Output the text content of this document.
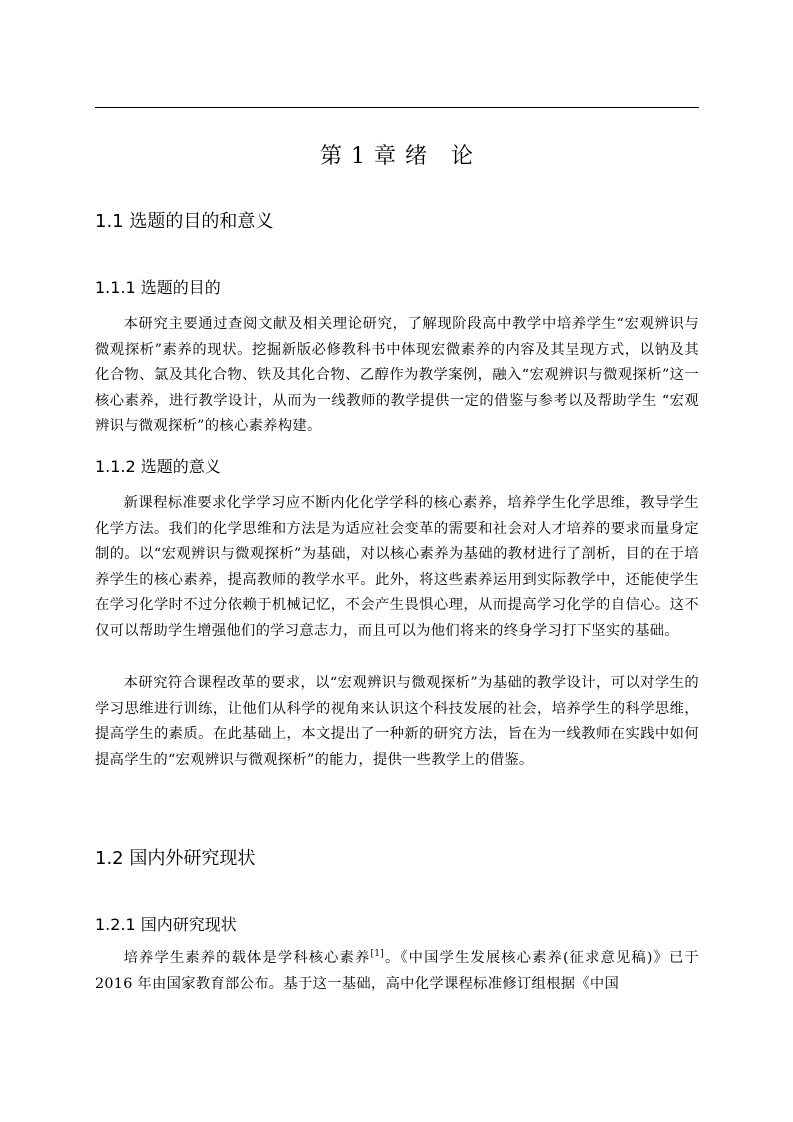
第 1 章 绪　论
1.1 选题的目的和意义
1.1.1 选题的目的

本研究主要通过查阅文献及相关理论研究，了解现阶段高中教学中培养学生“宏观辨识与微观探析”素养的现状。挖掘新版必修教科书中体现宏微素养的内容及其呈现方式，以钠及其化合物、氯及其化合物、铁及其化合物、乙醇作为教学案例，融入“宏观辨识与微观探析”这一核心素养，进行教学设计，从而为一线教师的教学提供一定的借鉴与参考以及帮助学生 “宏观辨识与微观探析”的核心素养构建。

1.1.2 选题的意义

新课程标准要求化学学习应不断内化化学学科的核心素养，培养学生化学思维，教导学生化学方法。我们的化学思维和方法是为适应社会变革的需要和社会对人才培养的要求而量身定制的。以“宏观辨识与微观探析”为基础，对以核心素养为基础的教材进行了剖析，目的在于培养学生的核心素养，提高教师的教学水平。此外，将这些素养运用到实际教学中，还能使学生在学习化学时不过分依赖于机械记忆，不会产生畏惧心理，从而提高学习化学的自信心。这不仅可以帮助学生增强他们的学习意志力，而且可以为他们将来的终身学习打下坚实的基础。

本研究符合课程改革的要求，以“宏观辨识与微观探析”为基础的教学设计，可以对学生的学习思维进行训练，让他们从科学的视角来认识这个科技发展的社会，培养学生的科学思维，提高学生的素质。在此基础上，本文提出了一种新的研究方法，旨在为一线教师在实践中如何提高学生的“宏观辨识与微观探析”的能力，提供一些教学上的借鉴。

1.2 国内外研究现状
1.2.1 国内研究现状

培养学生素养的载体是学科核心素养[1]。《中国学生发展核心素养(征求意见稿)》已于 2016 年由国家教育部公布。基于这一基础，高中化学课程标准修订组根据《中国
